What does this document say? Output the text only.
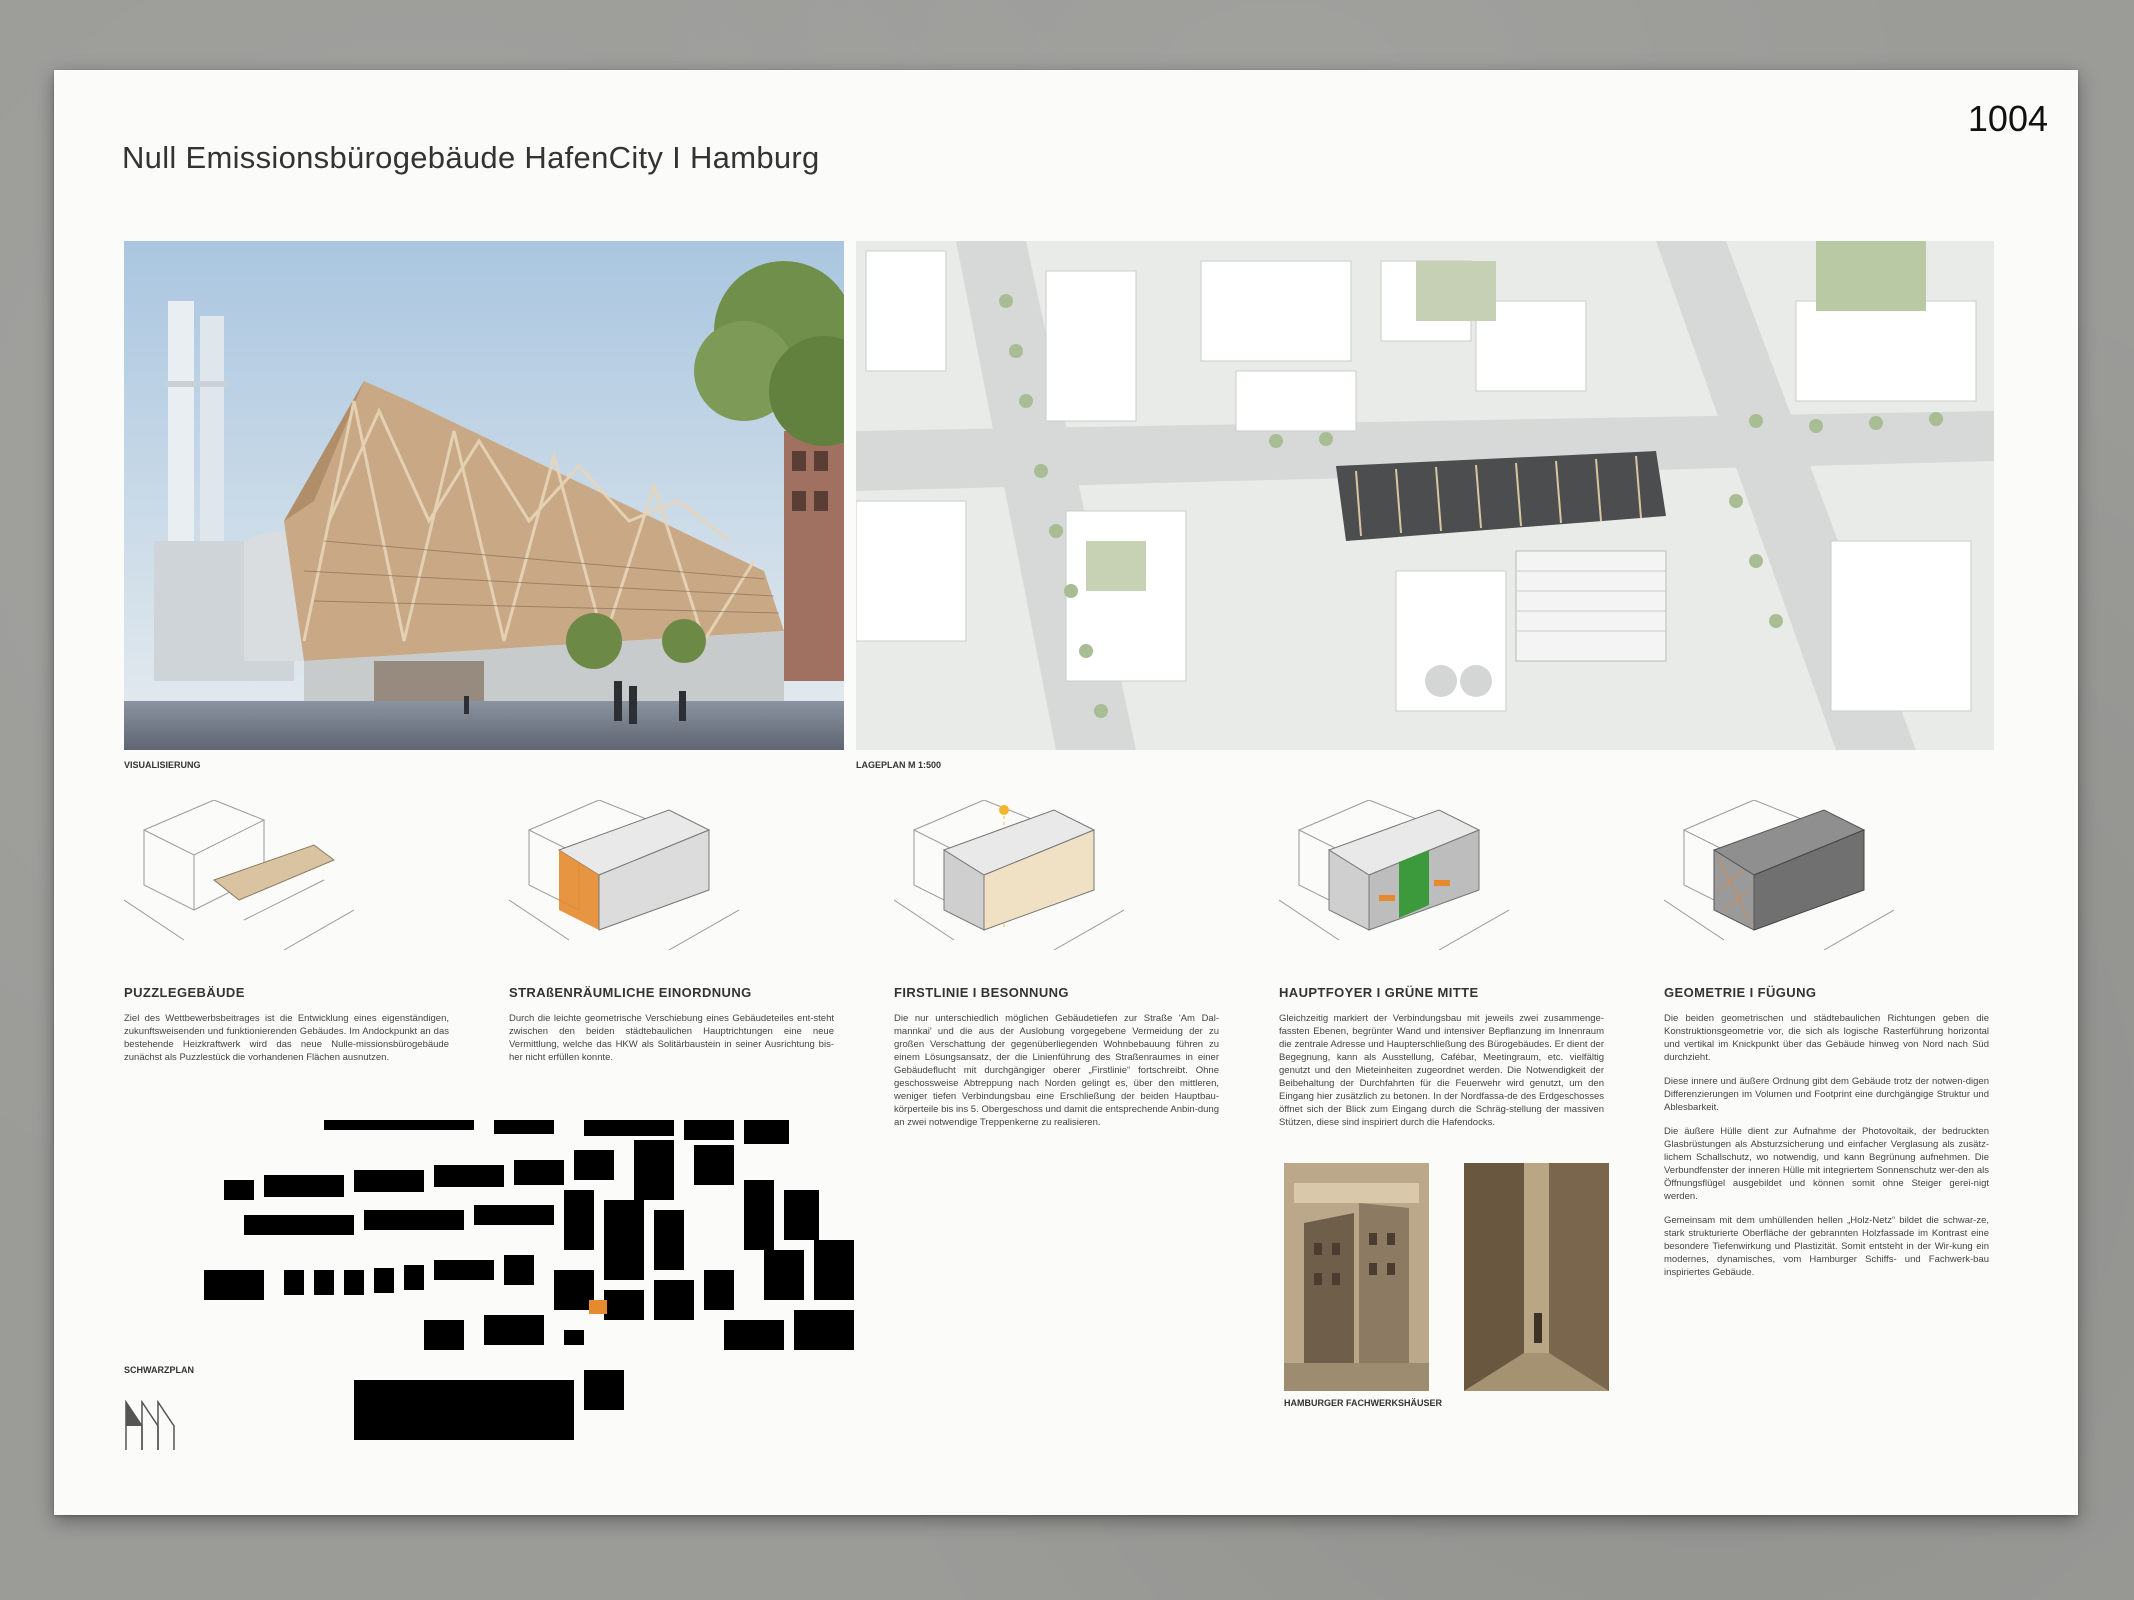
1004
Null Emissionsbürogebäude HafenCity I Hamburg
VISUALISIERUNG	LAGEPLAN M 1:500
PUZZLEGEBÄUDE	STRAßENRÄUMLICHE EINORDNUNG	FIRSTLINIE I BESONNUNG	HAUPTFOYER I GRÜNE MITTE	GEOMETRIE I FÜGUNG

Ziel des Wettbewerbsbeitrages ist die Entwicklung eines eigenständigen, zukunftsweisenden und funktionierenden Gebäudes. Im Andockpunkt an das bestehende Heizkraftwerk wird das neue Nulle-missionsbürogebäude zunächst als Puzzlestück die vorhandenen Flächen ausnutzen.

Durch die leichte geometrische Verschiebung eines Gebäudeteiles ent-steht zwischen den beiden städtebaulichen Hauptrichtungen eine neue Vermittlung, welche das HKW als Solitärbaustein in seiner Ausrichtung bis-her nicht erfüllen konnte.

Die nur unterschiedlich möglichen Gebäudetiefen zur Straße 'Am Dal-mannkai' und die aus der Auslobung vorgegebene Vermeidung der zu großen Verschattung der gegenüberliegenden Wohnbebauung führen zu einem Lösungsansatz, der die Linienführung des Straßenraumes in einer Gebäudeflucht mit durchgängiger oberer „Firstlinie“ fortschreibt. Ohne geschossweise Abtreppung nach Norden gelingt es, über den mittleren, weniger tiefen Verbindungsbau eine Erschließung der beiden Hauptbau-körperteile bis ins 5. Obergeschoss und damit die entsprechende Anbin-dung an zwei notwendige Treppenkerne zu realisieren.

Gleichzeitig markiert der Verbindungsbau mit jeweils zwei zusammenge-fassten Ebenen, begrünter Wand und intensiver Bepflanzung im Innenraum die zentrale Adresse und Haupterschließung des Bürogebäudes. Er dient der Begegnung, kann als Ausstellung, Cafébar, Meetingraum, etc. vielfältig genutzt und den Mieteinheiten zugeordnet werden. Die Notwendigkeit der Beibehaltung der Durchfahrten für die Feuerwehr wird genutzt, um den Eingang hier zusätzlich zu betonen. In der Nordfassa-de des Erdgeschosses öffnet sich der Blick zum Eingang durch die Schräg-stellung der massiven Stützen, diese sind inspiriert durch die Hafendocks.

Die beiden geometrischen und städtebaulichen Richtungen geben die Konstruktionsgeometrie vor, die sich als logische Rasterführung horizontal und vertikal im Knickpunkt über das Gebäude hinweg von Nord nach Süd durchzieht.

Diese innere und äußere Ordnung gibt dem Gebäude trotz der notwen-digen Differenzierungen im Volumen und Footprint eine durchgängige Struktur und Ablesbarkeit.

Die äußere Hülle dient zur Aufnahme der Photovoltaik, der bedruckten Glasbrüstungen als Absturzsicherung und einfacher Verglasung als zusätz-lichem Schallschutz, wo notwendig, und kann Begrünung aufnehmen. Die Verbundfenster der inneren Hülle mit integriertem Sonnenschutz wer-den als Öffnungsflügel ausgebildet und können somit ohne Steiger gerei-nigt werden.

Gemeinsam mit dem umhüllenden hellen „Holz-Netz“ bildet die schwar-ze, stark strukturierte Oberfläche der gebrannten Holzfassade im Kontrast eine besondere Tiefenwirkung und Plastizität. Somit entsteht in der Wir-kung ein modernes, dynamisches, vom Hamburger Schiffs- und Fachwerk-bau inspiriertes Gebäude.

SCHWARZPLAN
HAMBURGER FACHWERKSHÄUSER
